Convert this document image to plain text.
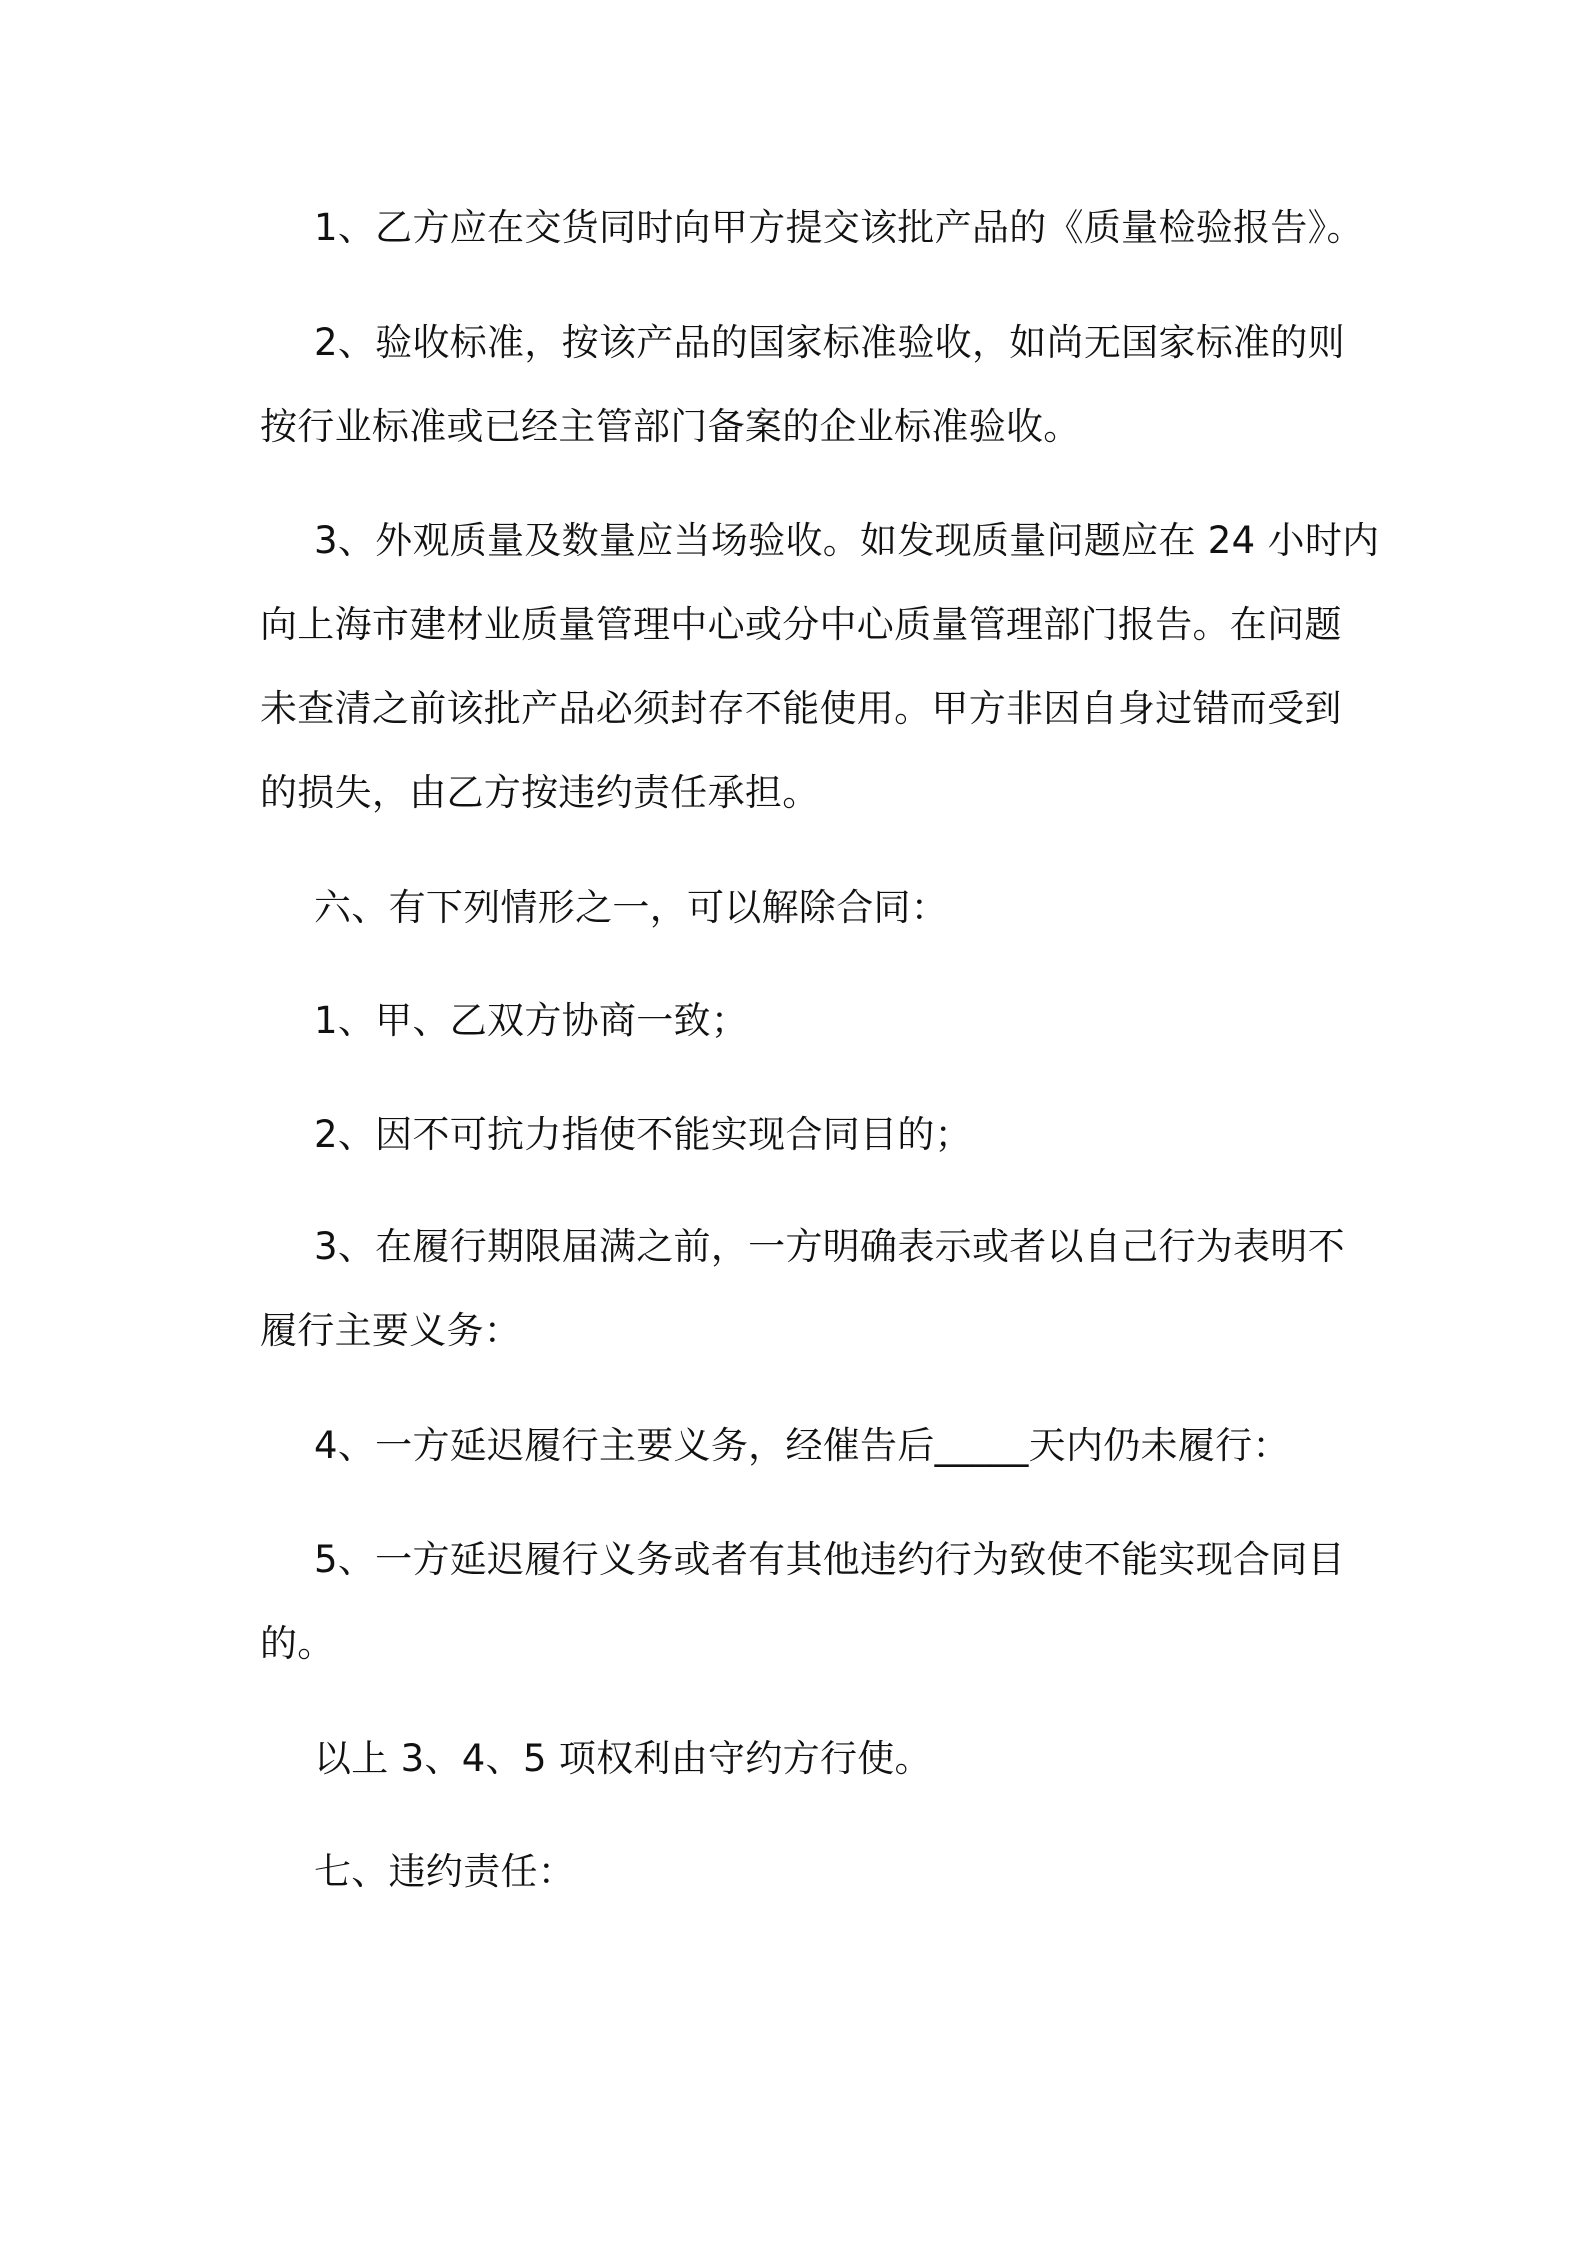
1、乙方应在交货同时向甲方提交该批产品的《质量检验报告》。
2、验收标准，按该产品的国家标准验收，如尚无国家标准的则
按行业标准或已经主管部门备案的企业标准验收。
3、外观质量及数量应当场验收。如发现质量问题应在 24 小时内
向上海市建材业质量管理中心或分中心质量管理部门报告。在问题
未查清之前该批产品必须封存不能使用。甲方非因自身过错而受到
的损失，由乙方按违约责任承担。
六、有下列情形之一，可以解除合同：
1、甲、乙双方协商一致；
2、因不可抗力指使不能实现合同目的；
3、在履行期限届满之前，一方明确表示或者以自己行为表明不
履行主要义务：
4、一方延迟履行主要义务，经催告后_____天内仍未履行：
5、一方延迟履行义务或者有其他违约行为致使不能实现合同目
的。
以上 3、4、5 项权利由守约方行使。
七、违约责任：
